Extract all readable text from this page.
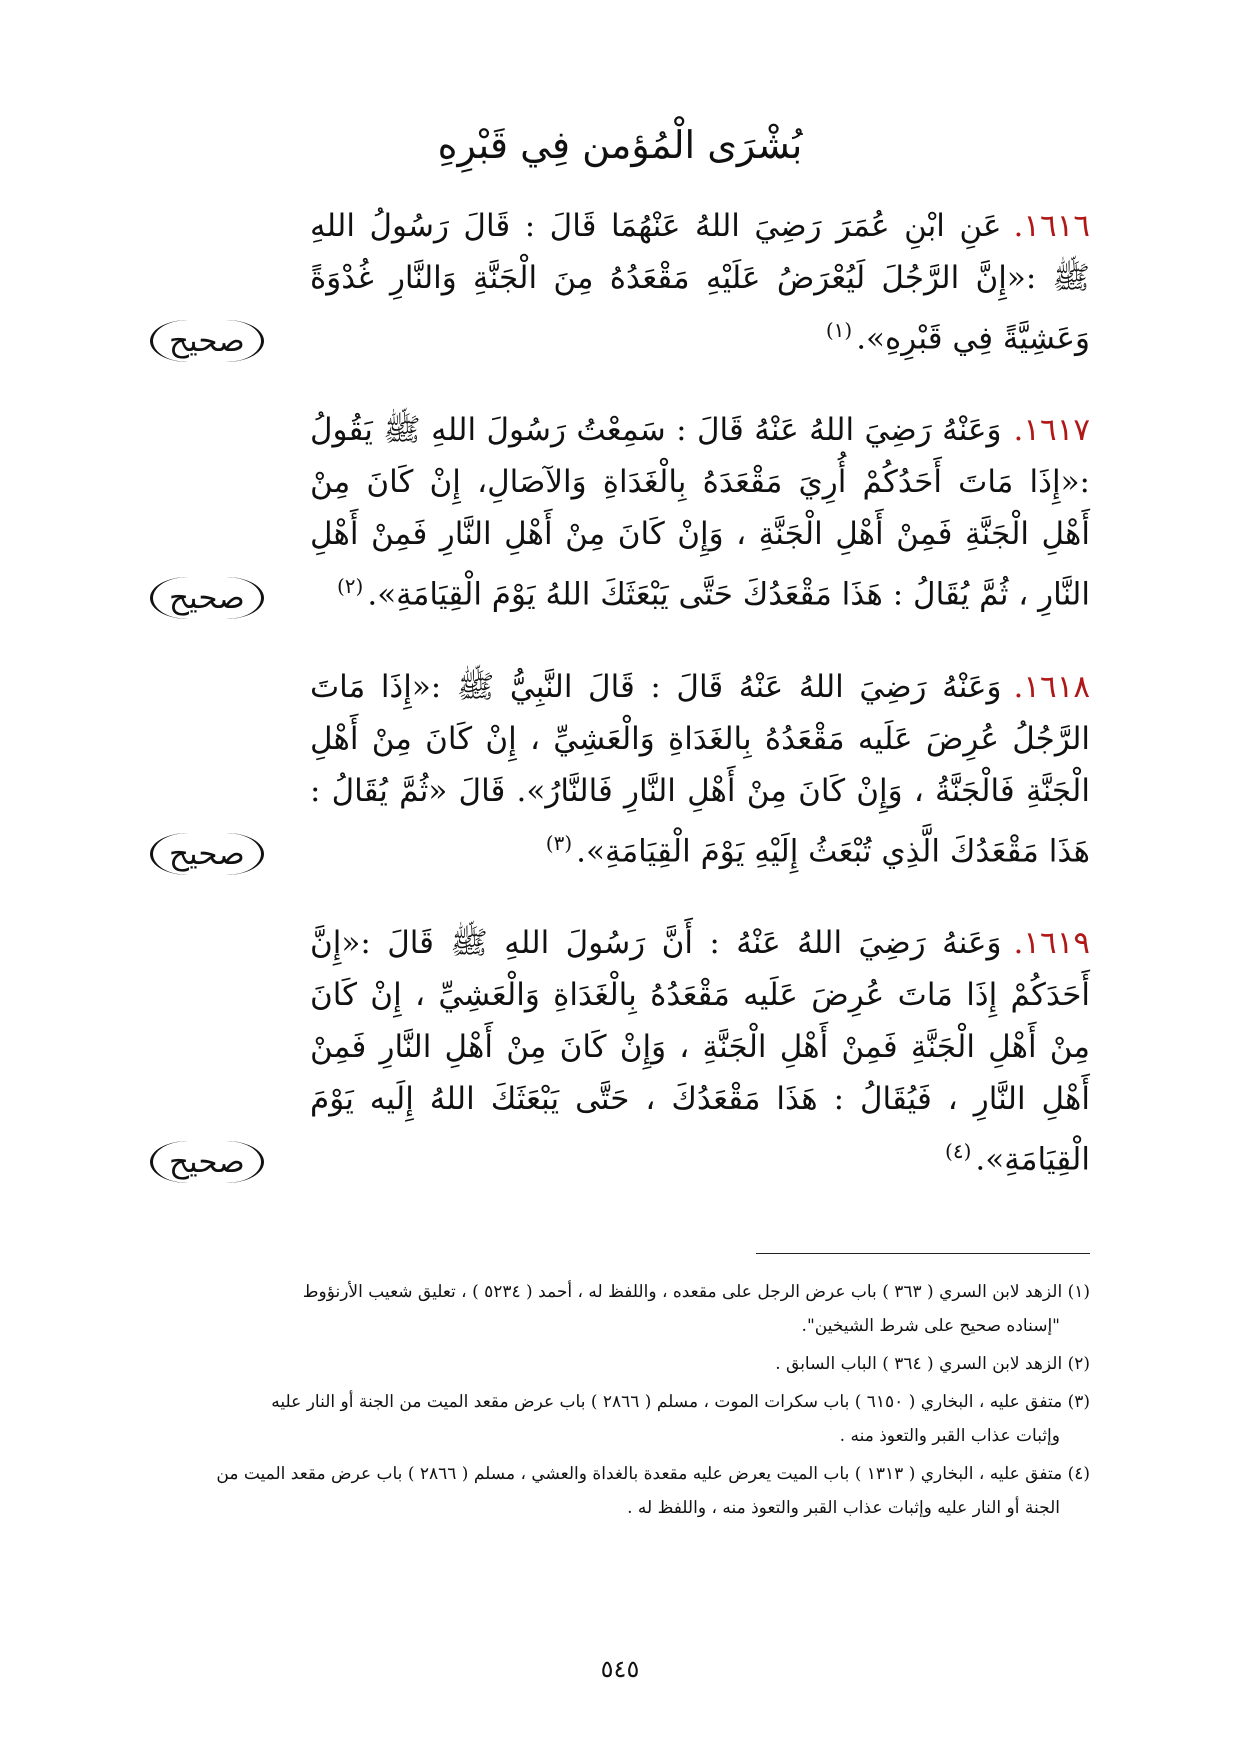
بُشْرَى الْمُؤمن فِي قَبْرِهِ

١٦١٦.عَنِ ابْنِ عُمَرَ رَضِيَ اللهُ عَنْهُمَا قَالَ : قَالَ رَسُولُ اللهِ ﷺ :«إِنَّ الرَّجُلَ لَيُعْرَضُ عَلَيْهِ مَقْعَدُهُ مِنَ الْجَنَّةِ وَالنَّارِ غُدْوَةً وَعَشِيَّةً فِي قَبْرِهِ».$^{(١)}$

صحيح

١٦١٧.وَعَنْهُ رَضِيَ اللهُ عَنْهُ قَالَ : سَمِعْتُ رَسُولَ اللهِ ﷺ يَقُولُ :«إِذَا مَاتَ أَحَدُكُمْ أُرِيَ مَقْعَدَهُ بِالْغَدَاةِ وَالآصَالِ، إِنْ كَانَ مِنْ أَهْلِ الْجَنَّةِ فَمِنْ أَهْلِ الْجَنَّةِ ، وَإِنْ كَانَ مِنْ أَهْلِ النَّارِ فَمِنْ أَهْلِ النَّارِ ، ثُمَّ يُقَالُ : هَذَا مَقْعَدُكَ حَتَّى يَبْعَثَكَ اللهُ يَوْمَ الْقِيَامَةِ».$^{(٢)}$

صحيح

١٦١٨.وَعَنْهُ رَضِيَ اللهُ عَنْهُ قَالَ : قَالَ النَّبِيُّ ﷺ :«إِذَا مَاتَ الرَّجُلُ عُرِضَ عَلَيه مَقْعَدُهُ بِالغَدَاةِ وَالْعَشِيِّ ، إِنْ كَانَ مِنْ أَهْلِ الْجَنَّةِ فَالْجَنَّةُ ، وَإِنْ كَانَ مِنْ أَهْلِ النَّارِ فَالنَّارُ». قَالَ «ثُمَّ يُقَالُ : هَذَا مَقْعَدُكَ الَّذِي تُبْعَثُ إِلَيْهِ يَوْمَ الْقِيَامَةِ».$^{(٣)}$

صحيح

١٦١٩.وَعَنهُ رَضِيَ اللهُ عَنْهُ : أَنَّ رَسُولَ اللهِ ﷺ قَالَ :«إِنَّ أَحَدَكُمْ إِذَا مَاتَ عُرِضَ عَلَيه مَقْعَدُهُ بِالْغَدَاةِ وَالْعَشِيِّ ، إِنْ كَانَ مِنْ أَهْلِ الْجَنَّةِ فَمِنْ أَهْلِ الْجَنَّةِ ، وَإِنْ كَانَ مِنْ أَهْلِ النَّارِ فَمِنْ أَهْلِ النَّارِ ، فَيُقَالُ : هَذَا مَقْعَدُكَ ، حَتَّى يَبْعَثَكَ اللهُ إِلَيه يَوْمَ الْقِيَامَةِ».$^{(٤)}$

صحيح
(١) الزهد لابن السري ( ٣٦٣ ) باب عرض الرجل على مقعده ، واللفظ له ، أحمد ( ٥٢٣٤ ) ، تعليق شعيب الأرنؤوط
"إسناده صحيح على شرط الشيخين".
(٢) الزهد لابن السري ( ٣٦٤ ) الباب السابق .
(٣) متفق عليه ، البخاري ( ٦١٥٠ ) باب سكرات الموت ، مسلم ( ٢٨٦٦ ) باب عرض مقعد الميت من الجنة أو النار عليه
وإثبات عذاب القبر والتعوذ منه .
(٤) متفق عليه ، البخاري ( ١٣١٣ ) باب الميت يعرض عليه مقعدة بالغداة والعشي ، مسلم ( ٢٨٦٦ ) باب عرض مقعد الميت من
الجنة أو النار عليه وإثبات عذاب القبر والتعوذ منه ، واللفظ له .
٥٤٥
